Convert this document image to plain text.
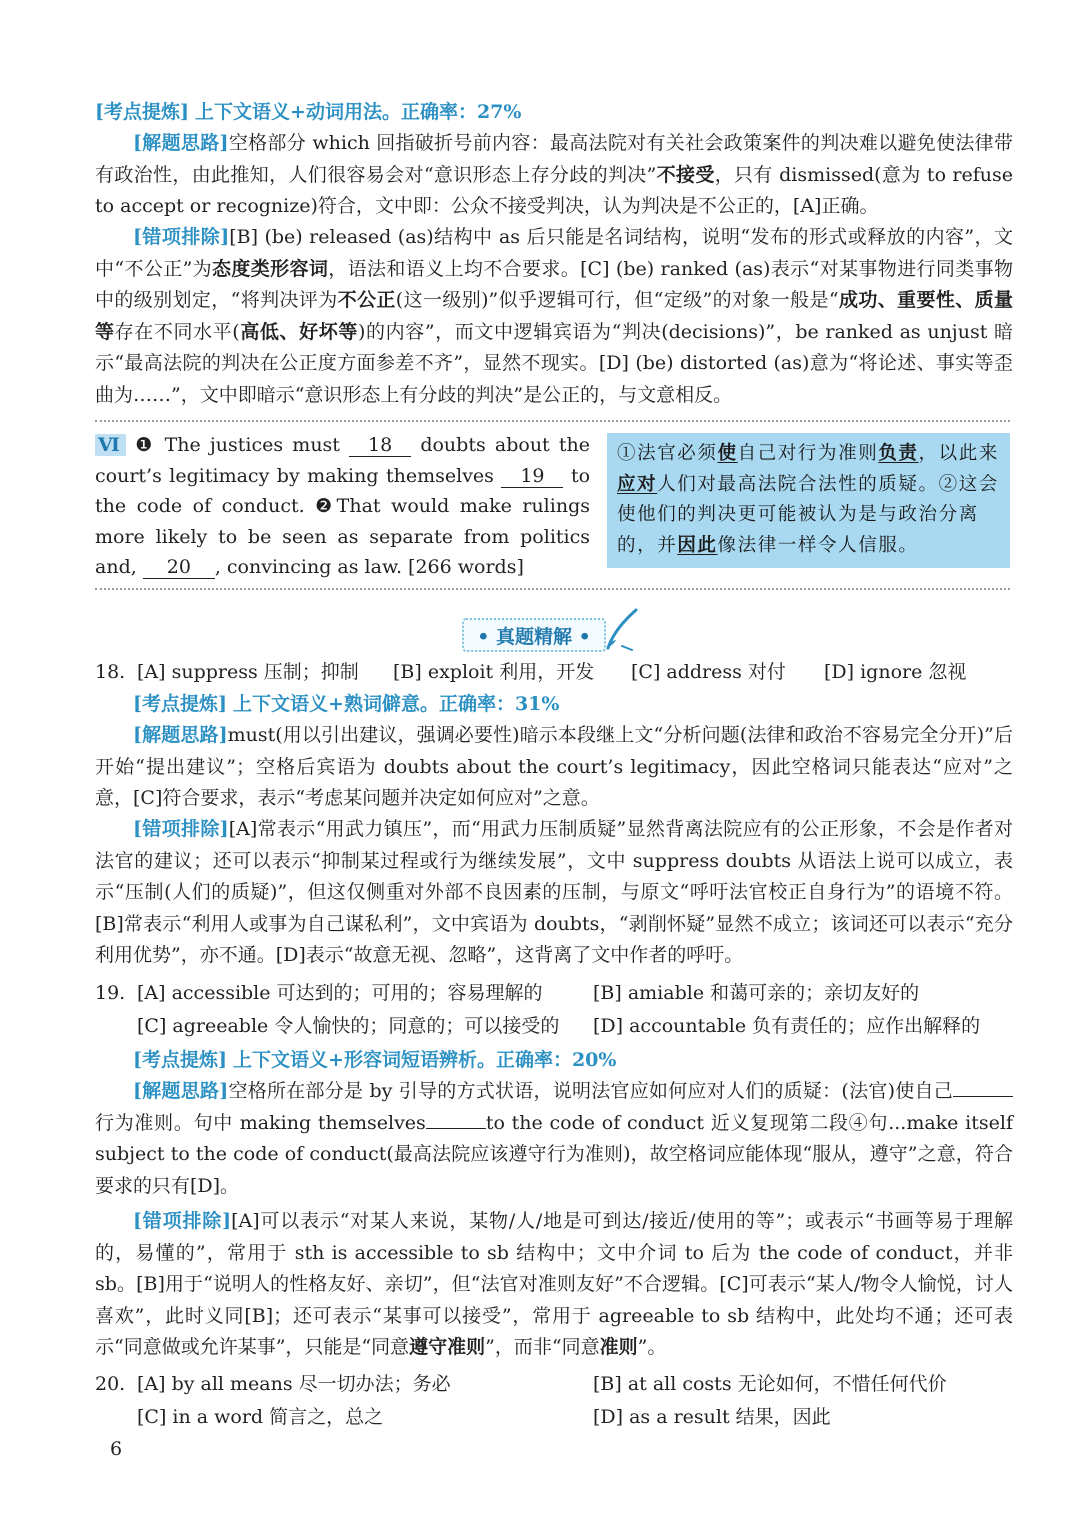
[考点提炼] 上下文语义+动词用法。正确率：27%

[解题思路]空格部分 which 回指破折号前内容：最高法院对有关社会政策案件的判决难以避免使法律带有政治性，由此推知，人们很容易会对“意识形态上存分歧的判决”不接受，只有 dismissed(意为 to refuse to accept or recognize)符合，文中即：公众不接受判决，认为判决是不公正的，[A]正确。

[错项排除][B] (be) released (as)结构中 as 后只能是名词结构，说明“发布的形式或释放的内容”，文中“不公正”为态度类形容词，语法和语义上均不合要求。[C] (be) ranked (as)表示“对某事物进行同类事物中的级别划定，“将判决评为不公正(这一级别)”似乎逻辑可行，但“定级”的对象一般是“成功、重要性、质量等存在不同水平(高低、好坏等)的内容”，而文中逻辑宾语为“判决(decisions)”，be ranked as unjust 暗示“最高法院的判决在公正度方面参差不齐”，显然不现实。[D] (be) distorted (as)意为“将论述、事实等歪曲为……”，文中即暗示“意识形态上有分歧的判决”是公正的，与文意相反。

Ⅵ ❶ The justices must 18 doubts about the court’s legitimacy by making themselves 19 to the code of conduct. ❷That would make rulings more likely to be seen as separate from politics and, 20 , convincing as law. [266 words]

①法官必须使自己对行为准则负责，以此来应对人们对最高法院合法性的质疑。②这会使他们的判决更可能被认为是与政治分离的，并因此像法律一样令人信服。
• 真题精解 •
18. [A] suppress 压制；抑制 [B] exploit 利用，开发 [C] address 对付 [D] ignore 忽视

[考点提炼] 上下文语义+熟词僻意。正确率：31%

[解题思路]must(用以引出建议，强调必要性)暗示本段继上文“分析问题(法律和政治不容易完全分开)”后开始“提出建议”；空格后宾语为 doubts about the court’s legitimacy，因此空格词只能表达“应对”之意，[C]符合要求，表示“考虑某问题并决定如何应对”之意。

[错项排除][A]常表示“用武力镇压”，而“用武力压制质疑”显然背离法院应有的公正形象，不会是作者对法官的建议；还可以表示“抑制某过程或行为继续发展”，文中 suppress doubts 从语法上说可以成立，表示“压制(人们的质疑)”，但这仅侧重对外部不良因素的压制，与原文“呼吁法官校正自身行为”的语境不符。[B]常表示“利用人或事为自己谋私利”，文中宾语为 doubts，“剥削怀疑”显然不成立；该词还可以表示“充分利用优势”，亦不通。[D]表示“故意无视、忽略”，这背离了文中作者的呼吁。

19. [A] accessible 可达到的；可用的；容易理解的	[B] amiable 和蔼可亲的；亲切友好的
[C] agreeable 令人愉快的；同意的；可以接受的 [D] accountable 负有责任的；应作出解释的

[考点提炼] 上下文语义+形容词短语辨析。正确率：20%

[解题思路]空格所在部分是 by 引导的方式状语，说明法官应如何应对人们的质疑：(法官)使自己行为准则。句中 making themselves	to the code of conduct 近义复现第二段④句...make itself subject to the code of conduct(最高法院应该遵守行为准则)，故空格词应能体现“服从，遵守”之意，符合要求的只有[D]。

[错项排除][A]可以表示“对某人来说，某物/人/地是可到达/接近/使用的等”；或表示“书画等易于理解的，易懂的”，常用于 sth is accessible to sb 结构中；文中介词 to 后为 the code of conduct，并非 sb。[B]用于“说明人的性格友好、亲切”，但“法官对准则友好”不合逻辑。[C]可表示“某人/物令人愉悦，讨人喜欢”，此时义同[B]；还可表示“某事可以接受”，常用于 agreeable to sb 结构中，此处均不通；还可表示“同意做或允许某事”，只能是“同意遵守准则”，而非“同意准则”。

20. [A] by all means 尽一切办法；务必	[B] at all costs 无论如何，不惜任何代价
[C] in a word 简言之，总之	[D] as a result 结果，因此
6
